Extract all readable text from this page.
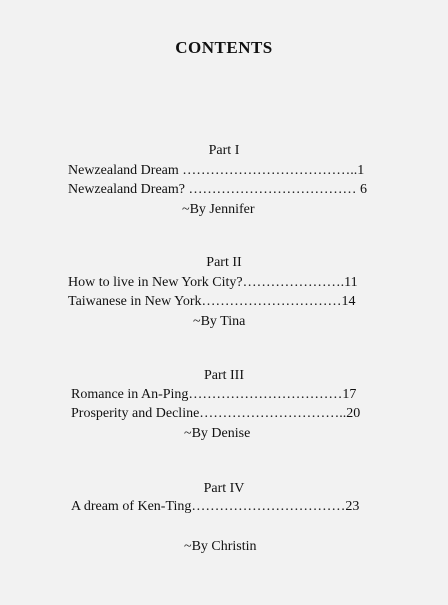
CONTENTS
Part I
Newzealand Dream ………………………………..1
Newzealand Dream? ……………………………… 6
~By Jennifer
Part II
How to live in New York City?………………….11
Taiwanese in New York…………………………14
~By Tina
Part III
Romance in An-Ping……………………………17
Prosperity and Decline…………………………..20
~By Denise
Part IV
A dream of Ken-Ting……………………………23
~By Christin
